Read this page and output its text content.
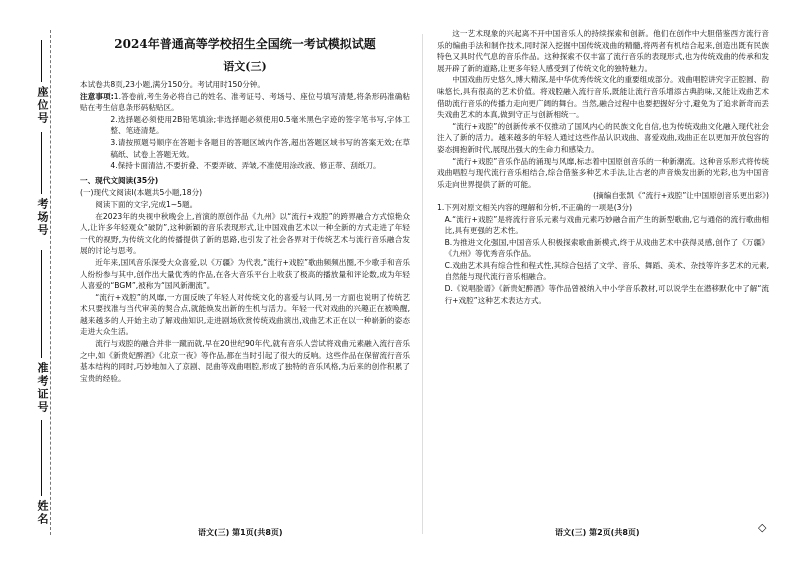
座位号
考场号
准考证号
姓名
2024年普通高等学校招生全国统一考试模拟试题
语文(三)

本试卷共8页,23小题,满分150分。考试用时150分钟。

注意事项:1.答卷前,考生务必将自己的姓名、准考证号、考场号、座位号填写清楚,将条形码准确粘贴在考生信息条形码粘贴区。

2.选择题必须使用2B铅笔填涂;非选择题必须使用0.5毫米黑色字迹的签字笔书写,字体工整、笔迹清楚。

3.请按照题号顺序在答题卡各题目的答题区域内作答,超出答题区域书写的答案无效;在草稿纸、试卷上答题无效。

4.保持卡面清洁,不要折叠、不要弄破、弄皱,不准使用涂改液、修正带、刮纸刀。

一、现代文阅读(35分)

(一)现代文阅读Ⅰ(本题共5小题,18分)

阅读下面的文字,完成1~5题。

在2023年的央视中秋晚会上,首演的原创作品《九州》以“流行+戏腔”的跨界融合方式惊艳众人,让许多年轻观众“破防”,这种新颖的音乐表现形式,让中国戏曲艺术以一种全新的方式走进了年轻一代的视野,为传统文化的传播提供了新的思路,也引发了社会各界对于传统艺术与流行音乐融合发展的讨论与思考。

近年来,国风音乐深受大众喜爱,以《万疆》为代表,“流行+戏腔”歌曲频频出圈,不少歌手和音乐人纷纷参与其中,创作出大量优秀的作品,在各大音乐平台上收获了极高的播放量和评论数,成为年轻人喜爱的“BGM”,被称为“国风新潮流”。

“流行+戏腔”的风靡,一方面反映了年轻人对传统文化的喜爱与认同,另一方面也说明了传统艺术只要找准与当代审美的契合点,就能焕发出新的生机与活力。年轻一代对戏曲的兴趣正在被唤醒,越来越多的人开始主动了解戏曲知识,走进剧场欣赏传统戏曲演出,戏曲艺术正在以一种崭新的姿态走进大众生活。

流行与戏腔的融合并非一蹴而就,早在20世纪90年代,就有音乐人尝试将戏曲元素融入流行音乐之中,如《新贵妃醉酒》《北京一夜》等作品,都在当时引起了很大的反响。这些作品在保留流行音乐基本结构的同时,巧妙地加入了京剧、昆曲等戏曲唱腔,形成了独特的音乐风格,为后来的创作积累了宝贵的经验。

这一艺术现象的兴起离不开中国音乐人的持续探索和创新。他们在创作中大胆借鉴西方流行音乐的编曲手法和制作技术,同时深入挖掘中国传统戏曲的精髓,将两者有机结合起来,创造出既有民族特色又具时代气息的音乐作品。这种探索不仅丰富了流行音乐的表现形式,也为传统戏曲的传承和发展开辟了新的道路,让更多年轻人感受到了传统文化的独特魅力。

中国戏曲历史悠久,博大精深,是中华优秀传统文化的重要组成部分。戏曲唱腔讲究字正腔圆、韵味悠长,具有很高的艺术价值。将戏腔融入流行音乐,既能让流行音乐增添古典韵味,又能让戏曲艺术借助流行音乐的传播力走向更广阔的舞台。当然,融合过程中也要把握好分寸,避免为了追求新奇而丢失戏曲艺术的本真,做到守正与创新相统一。

“流行+戏腔”的创新传承不仅推动了国风内心的民族文化自信,也为传统戏曲文化融入现代社会注入了新的活力。越来越多的年轻人通过这些作品认识戏曲、喜爱戏曲,戏曲正在以更加开放包容的姿态拥抱新时代,展现出强大的生命力和感染力。

“流行+戏腔”音乐作品的涌现与风靡,标志着中国原创音乐的一种新潮流。这种音乐形式将传统戏曲唱腔与现代流行音乐相结合,综合借鉴多种艺术手法,让古老的声音焕发出新的光彩,也为中国音乐走向世界提供了新的可能。

(摘编自张凯《“流行+戏腔”让中国原创音乐更出彩》)

1.下列对原文相关内容的理解和分析,不正确的一项是(3分)

A.“流行+戏腔”是将流行音乐元素与戏曲元素巧妙融合而产生的新型歌曲,它与通俗的流行歌曲相比,具有更强的艺术性。

B.为推进文化强国,中国音乐人积极探索歌曲新模式,终于从戏曲艺术中获得灵感,创作了《万疆》《九州》等优秀音乐作品。

C.戏曲艺术具有综合性和程式性,其综合包括了文学、音乐、舞蹈、美术、杂技等许多艺术的元素,自然能与现代流行音乐相融合。

D.《说唱脸谱》《新贵妃醉酒》等作品曾被纳入中小学音乐教材,可以说学生在潜移默化中了解“流行+戏腔”这种艺术表达方式。

语文(三) 第1页(共8页)	语文(三) 第2页(共8页)	◇
